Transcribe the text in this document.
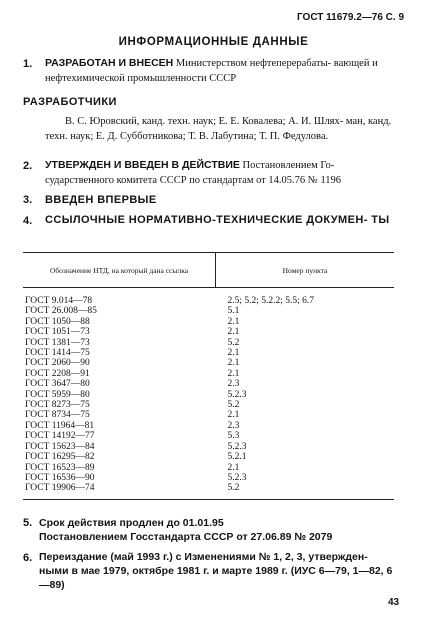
ГОСТ 11679.2—76 С. 9
ИНФОРМАЦИОННЫЕ ДАННЫЕ
1. РАЗРАБОТАН И ВНЕСЕН Министерством нефтеперерабаты- вающей и нефтехимической промышленности СССР
РАЗРАБОТЧИКИ
В. С. Юровский, канд. техн. наук; Е. Е. Ковалева; А. И. Шлях- ман, канд. техн. наук; Е. Д. Субботникова; Т. В. Лабутина; Т. П. Федулова.
2. УТВЕРЖДЕН И ВВЕДЕН В ДЕЙСТВИЕ Постановлением Го- сударственного комитета СССР по стандартам от 14.05.76 № 1196
3. ВВЕДЕН ВПЕРВЫЕ
4. ССЫЛОЧНЫЕ НОРМАТИВНО-ТЕХНИЧЕСКИЕ ДОКУМЕН- ТЫ
Обозначение НТД, на который дана ссылка	Номер пункта
ГОСТ 9.014—78	2.5; 5.2; 5.2.2; 5.5; 6.7
ГОСТ 26.008—85	5.1
ГОСТ 1050—88	2.1
ГОСТ 1051—73	2.1
ГОСТ 1381—73	5.2
ГОСТ 1414—75	2.1
ГОСТ 2060—90	2.1
ГОСТ 2208—91	2.1
ГОСТ 3647—80	2.3
ГОСТ 5959—80	5.2.3
ГОСТ 8273—75	5.2
ГОСТ 8734—75	2.1
ГОСТ 11964—81	2.3
ГОСТ 14192—77	5.3
ГОСТ 15623—84	5.2.3
ГОСТ 16295—82	5.2.1
ГОСТ 16523—89	2.1
ГОСТ 16536—90	5.2.3
ГОСТ 19906—74	5.2
5. Срок действия продлен до 01.01.95
Постановлением Госстандарта СССР от 27.06.89 № 2079
6. Переиздание (май 1993 г.) с Изменениями № 1, 2, 3, утвержден- ными в мае 1979, октябре 1981 г. и марте 1989 г. (ИУС 6—79, 1—82, 6—89)
43
